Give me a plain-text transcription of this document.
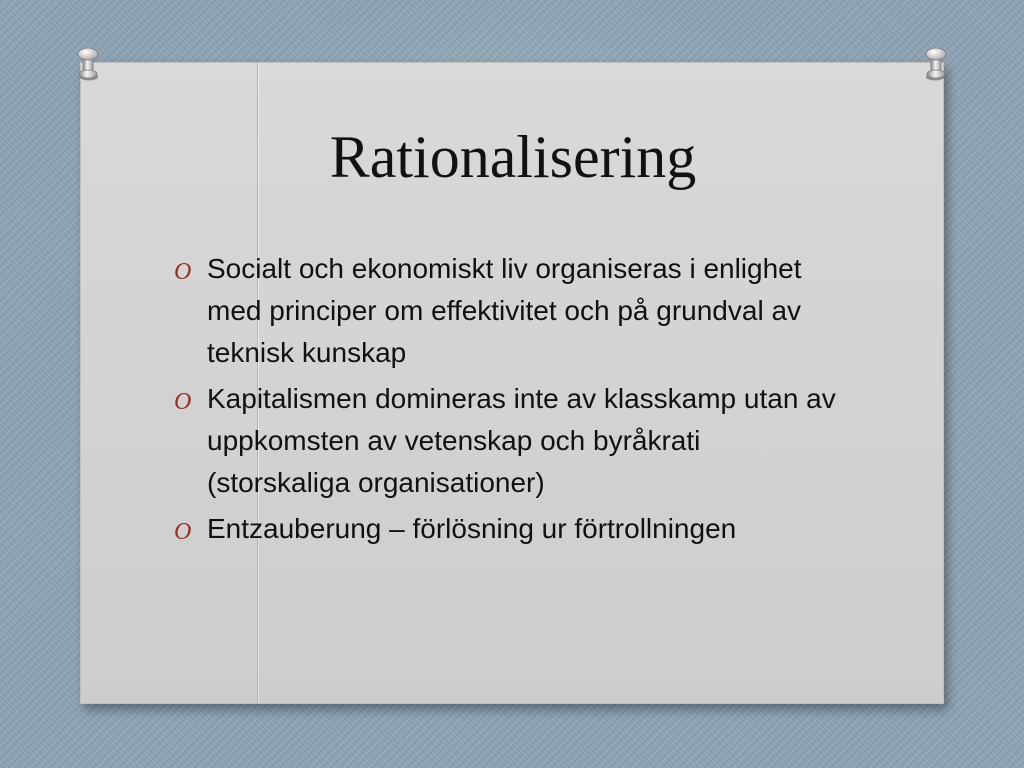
Rationalisering
O Socialt och ekonomiskt liv organiseras i enlighet med principer om effektivitet och på grundval av teknisk kunskap
O Kapitalismen domineras inte av klasskamp utan av uppkomsten av vetenskap och byråkrati (storskaliga organisationer)
O Entzauberung – förlösning ur förtrollningen
